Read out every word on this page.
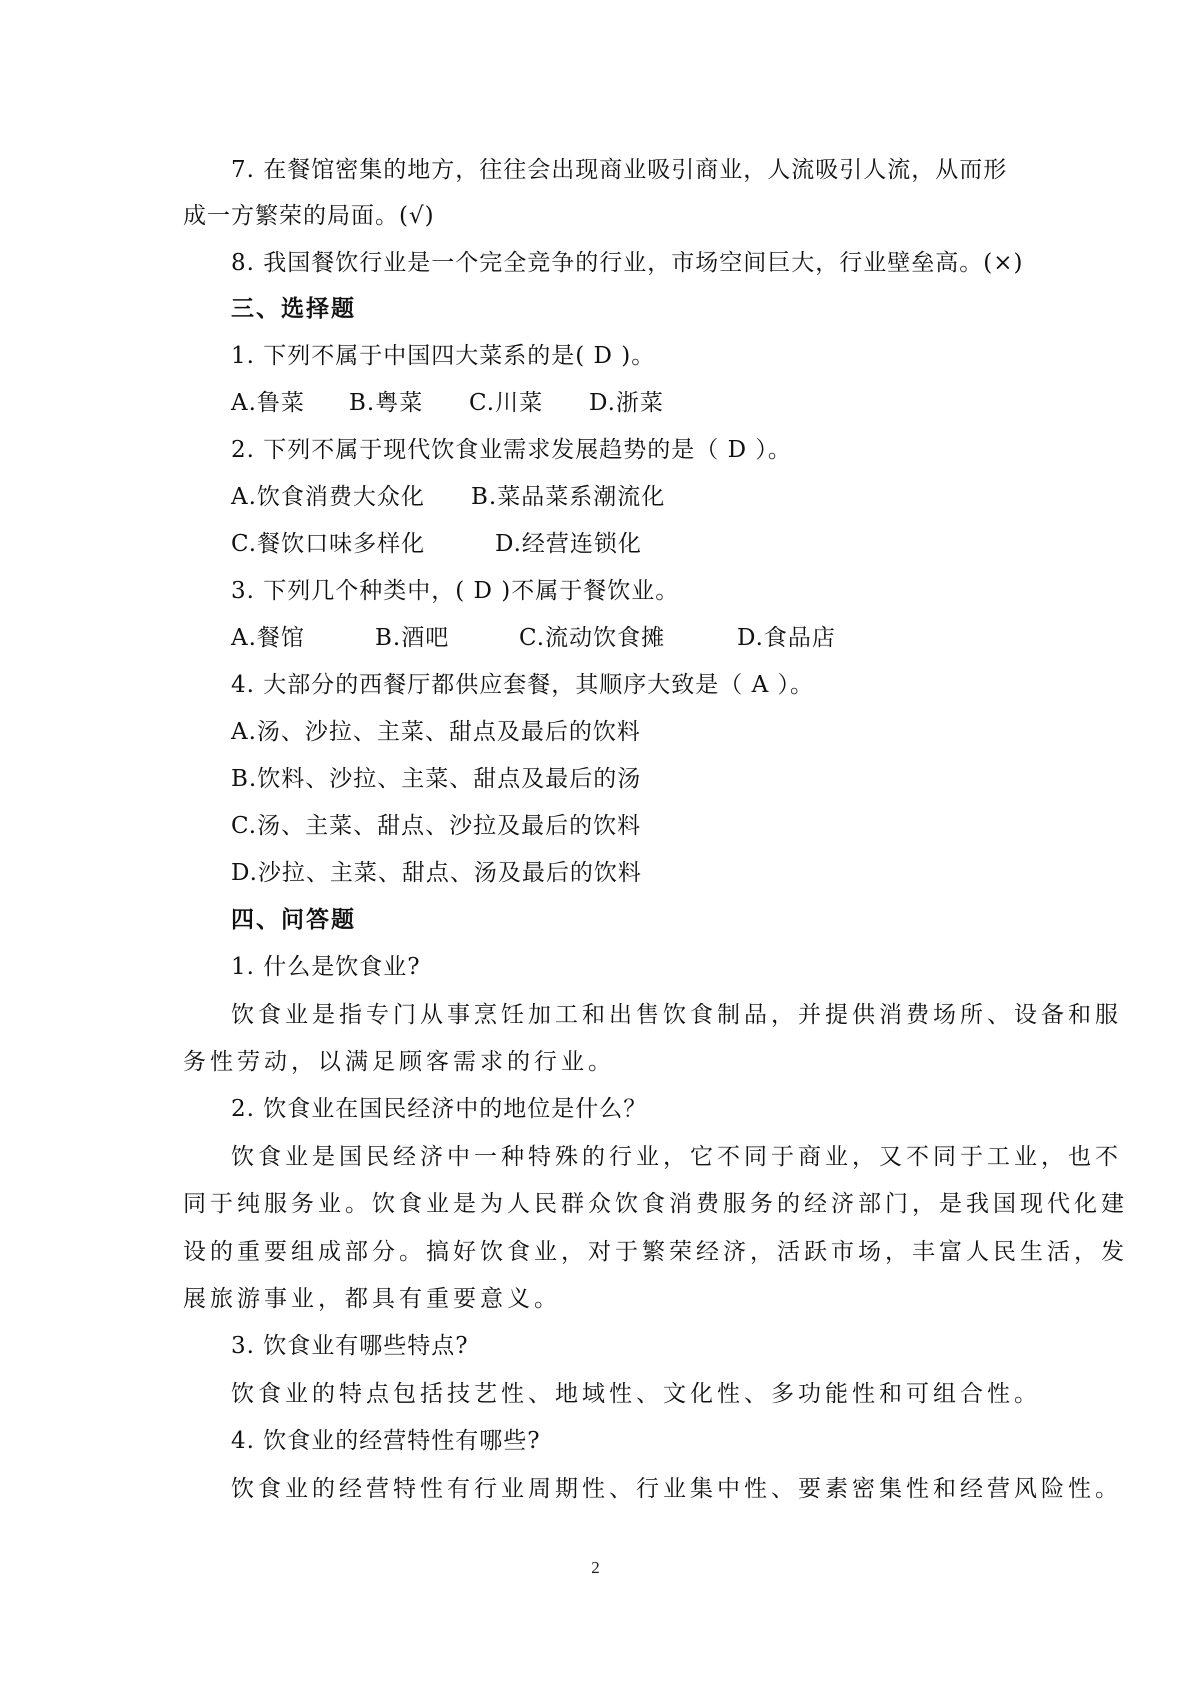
7. 在餐馆密集的地方，往往会出现商业吸引商业，人流吸引人流，从而形
成一方繁荣的局面。(√)
8. 我国餐饮行业是一个完全竞争的行业，市场空间巨大，行业壁垒高。(×)
三、选择题
1. 下列不属于中国四大菜系的是( D )。
A.鲁菜 B.粤菜 C.川菜 D.浙菜
2. 下列不属于现代饮食业需求发展趋势的是（ D ）。
A.饮食消费大众化 B.菜品菜系潮流化
C.餐饮口味多样化	D.经营连锁化
3. 下列几个种类中，( D )不属于餐饮业。
A.餐馆	B.酒吧	C.流动饮食摊	D.食品店
4. 大部分的西餐厅都供应套餐，其顺序大致是（ A ）。
A.汤、沙拉、主菜、甜点及最后的饮料
B.饮料、沙拉、主菜、甜点及最后的汤
C.汤、主菜、甜点、沙拉及最后的饮料
D.沙拉、主菜、甜点、汤及最后的饮料
四、问答题
1. 什么是饮食业?
饮食业是指专门从事烹饪加工和出售饮食制品，并提供消费场所、设备和服
务性劳动，以满足顾客需求的行业。
2. 饮食业在国民经济中的地位是什么？
饮食业是国民经济中一种特殊的行业，它不同于商业，又不同于工业，也不
同于纯服务业。饮食业是为人民群众饮食消费服务的经济部门，是我国现代化建
设的重要组成部分。搞好饮食业，对于繁荣经济，活跃市场，丰富人民生活，发
展旅游事业，都具有重要意义。
3. 饮食业有哪些特点?
饮食业的特点包括技艺性、地域性、文化性、多功能性和可组合性。
4. 饮食业的经营特性有哪些?
饮食业的经营特性有行业周期性、行业集中性、要素密集性和经营风险性。
2
